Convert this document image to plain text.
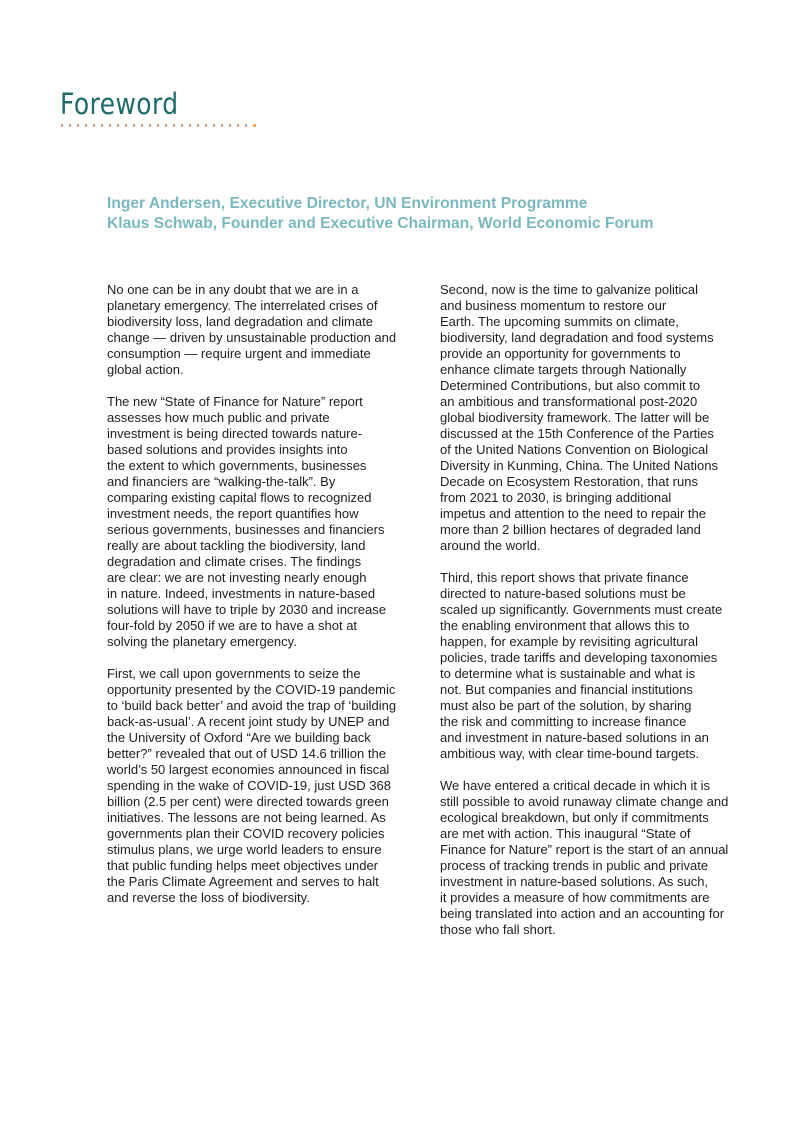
Foreword
Inger Andersen, Executive Director, UN Environment Programme
Klaus Schwab, Founder and Executive Chairman, World Economic Forum

No one can be in any doubt that we are in a
planetary emergency. The interrelated crises of
biodiversity loss, land degradation and climate
change — driven by unsustainable production and
consumption — require urgent and immediate
global action.

The new “State of Finance for Nature” report
assesses how much public and private
investment is being directed towards nature-
based solutions and provides insights into
the extent to which governments, businesses
and financiers are “walking-the-talk”. By
comparing existing capital flows to recognized
investment needs, the report quantifies how
serious governments, businesses and financiers
really are about tackling the biodiversity, land
degradation and climate crises. The findings
are clear: we are not investing nearly enough
in nature. Indeed, investments in nature-based
solutions will have to triple by 2030 and increase
four-fold by 2050 if we are to have a shot at
solving the planetary emergency.

First, we call upon governments to seize the
opportunity presented by the COVID-19 pandemic
to ‘build back better’ and avoid the trap of ‘building
back-as-usual’. A recent joint study by UNEP and
the University of Oxford “Are we building back
better?” revealed that out of USD 14.6 trillion the
world’s 50 largest economies announced in fiscal
spending in the wake of COVID-19, just USD 368
billion (2.5 per cent) were directed towards green
initiatives. The lessons are not being learned. As
governments plan their COVID recovery policies
stimulus plans, we urge world leaders to ensure
that public funding helps meet objectives under
the Paris Climate Agreement and serves to halt
and reverse the loss of biodiversity.

Second, now is the time to galvanize political
and business momentum to restore our
Earth. The upcoming summits on climate,
biodiversity, land degradation and food systems
provide an opportunity for governments to
enhance climate targets through Nationally
Determined Contributions, but also commit to
an ambitious and transformational post-2020
global biodiversity framework. The latter will be
discussed at the 15th Conference of the Parties
of the United Nations Convention on Biological
Diversity in Kunming, China. The United Nations
Decade on Ecosystem Restoration, that runs
from 2021 to 2030, is bringing additional
impetus and attention to the need to repair the
more than 2 billion hectares of degraded land
around the world.

Third, this report shows that private finance
directed to nature-based solutions must be
scaled up significantly. Governments must create
the enabling environment that allows this to
happen, for example by revisiting agricultural
policies, trade tariffs and developing taxonomies
to determine what is sustainable and what is
not. But companies and financial institutions
must also be part of the solution, by sharing
the risk and committing to increase finance
and investment in nature-based solutions in an
ambitious way, with clear time-bound targets.

We have entered a critical decade in which it is
still possible to avoid runaway climate change and
ecological breakdown, but only if commitments
are met with action. This inaugural “State of
Finance for Nature” report is the start of an annual
process of tracking trends in public and private
investment in nature-based solutions. As such,
it provides a measure of how commitments are
being translated into action and an accounting for
those who fall short.
